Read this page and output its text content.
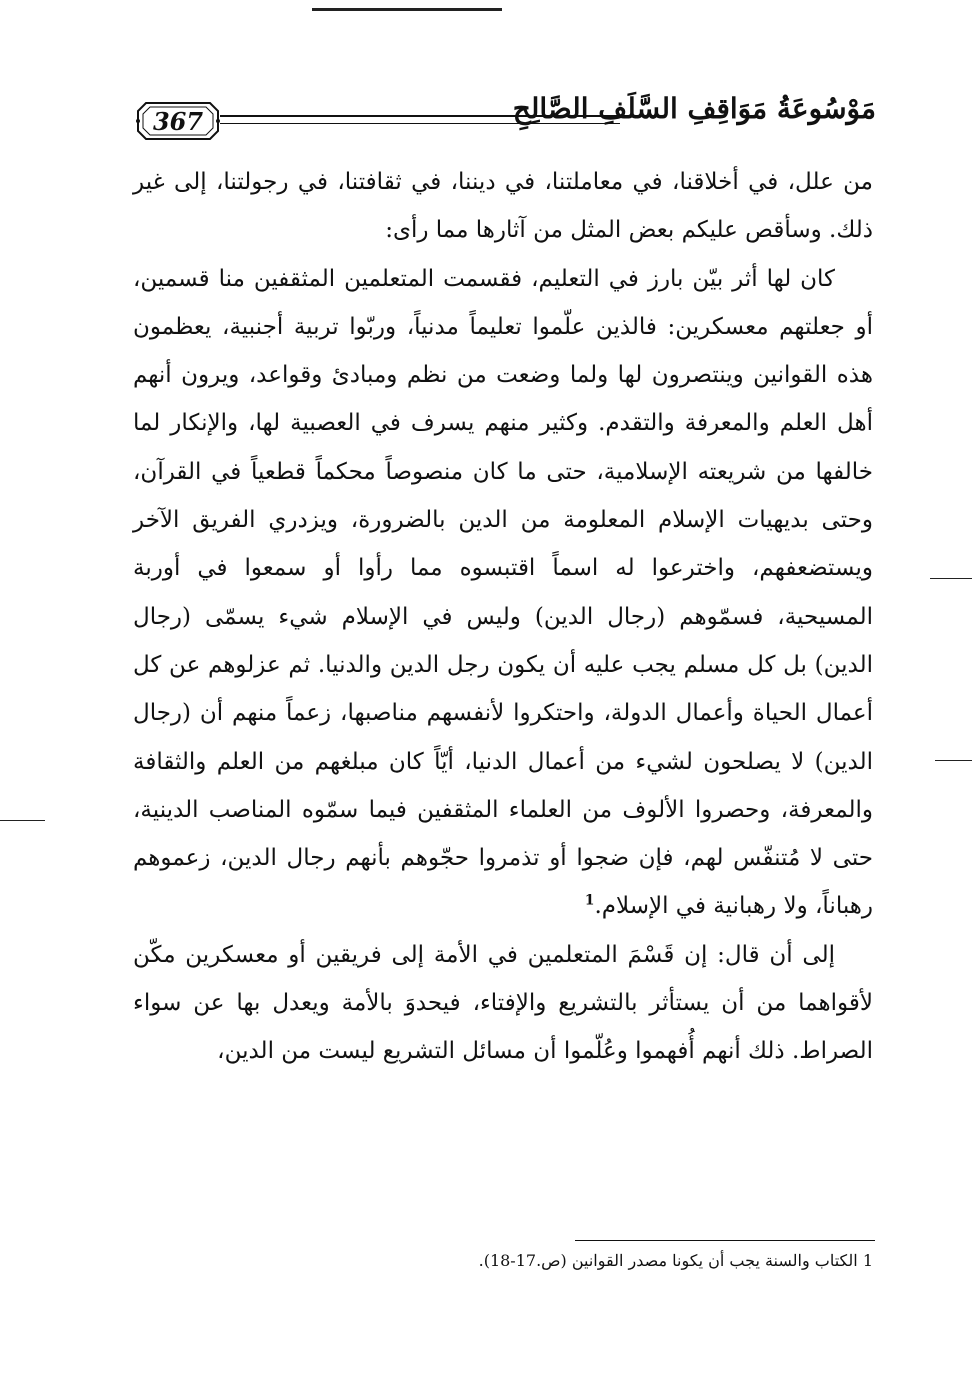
367	مَوْسُوعَةُ مَوَاقِفِ السَّلَفِ الصَّالِحِ

من علل، في أخلاقنا، في معاملتنا، في ديننا، في ثقافتنا، في رجولتنا، إلى غير ذلك. وسأقص عليكم بعض المثل من آثارها مما رأى:

كان لها أثر بيّن بارز في التعليم، فقسمت المتعلمين المثقفين منا قسمين، أو جعلتهم معسكرين: فالذين علّموا تعليماً مدنياً، وربّوا تربية أجنبية، يعظمون هذه القوانين وينتصرون لها ولما وضعت من نظم ومبادئ وقواعد، ويرون أنهم أهل العلم والمعرفة والتقدم. وكثير منهم يسرف في العصبية لها، والإنكار لما خالفها من شريعته الإسلامية، حتى ما كان منصوصاً محكماً قطعياً في القرآن، وحتى بديهيات الإسلام المعلومة من الدين بالضرورة، ويزدري الفريق الآخر ويستضعفهم، واخترعوا له اسماً اقتبسوه مما رأوا أو سمعوا في أوربة المسيحية، فسمّوهم (رجال الدين) وليس في الإسلام شيء يسمّى (رجال الدين) بل كل مسلم يجب عليه أن يكون رجل الدين والدنيا. ثم عزلوهم عن كل أعمال الحياة وأعمال الدولة، واحتكروا لأنفسهم مناصبها، زعماً منهم أن (رجال الدين) لا يصلحون لشيء من أعمال الدنيا، أيّاً كان مبلغهم من العلم والثقافة والمعرفة، وحصروا الألوف من العلماء المثقفين فيما سمّوه المناصب الدينية، حتى لا مُتنفّس لهم، فإن ضجوا أو تذمروا حجّوهم بأنهم رجال الدين، زعموهم رهباناً، ولا رهبانية في الإسلام.$^1$

إلى أن قال: إن قَسْمَ المتعلمين في الأمة إلى فريقين أو معسكرين مكّن لأقواهما من أن يستأثر بالتشريع والإفتاء، فيحدوَ بالأمة ويعدل بها عن سواء الصراط. ذلك أنهم أُفهموا وعُلّموا أن مسائل التشريع ليست من الدين،

1 الكتاب والسنة يجب أن يكونا مصدر القوانين (ص.17-18).
